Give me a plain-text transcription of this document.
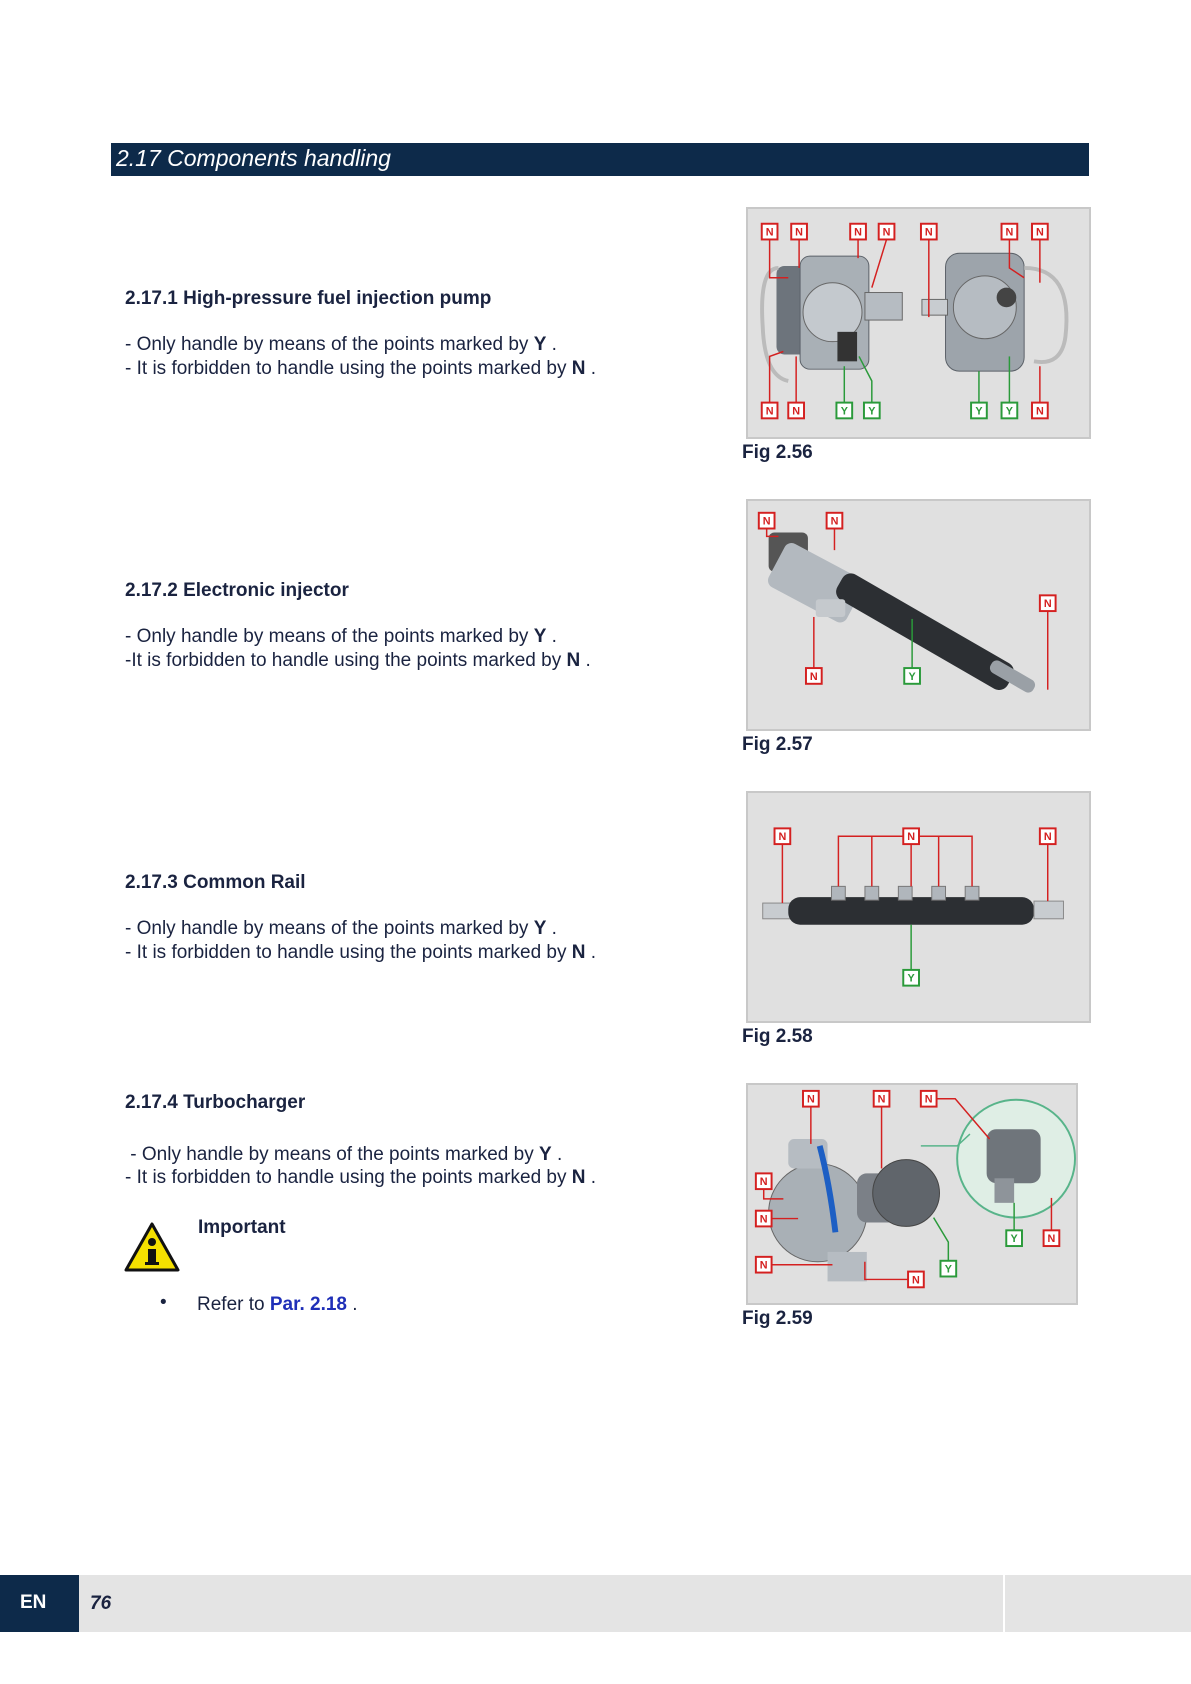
2.17 Components handling
2.17.1 High-pressure fuel injection pump
- Only handle by means of the points marked by Y .
- It is forbidden to handle using the points marked by N .
2.17.2 Electronic injector
- Only handle by means of the points marked by Y .
-It is forbidden to handle using the points marked by N .
2.17.3 Common Rail
- Only handle by means of the points marked by Y .
- It is forbidden to handle using the points marked by N .
2.17.4 Turbocharger
- Only handle by means of the points marked by Y .
- It is forbidden to handle using the points marked by N .
Important
• Refer to Par. 2.18 .
N N	N N	N	N N
N N	N
Y Y	Y Y
Fig 2.56
N	N
N
N	Y
Fig 2.57
N	N	N
Y
Fig 2.58
N	N	N
N
N
N
N
N
Y
Y
Fig 2.59
EN 76
